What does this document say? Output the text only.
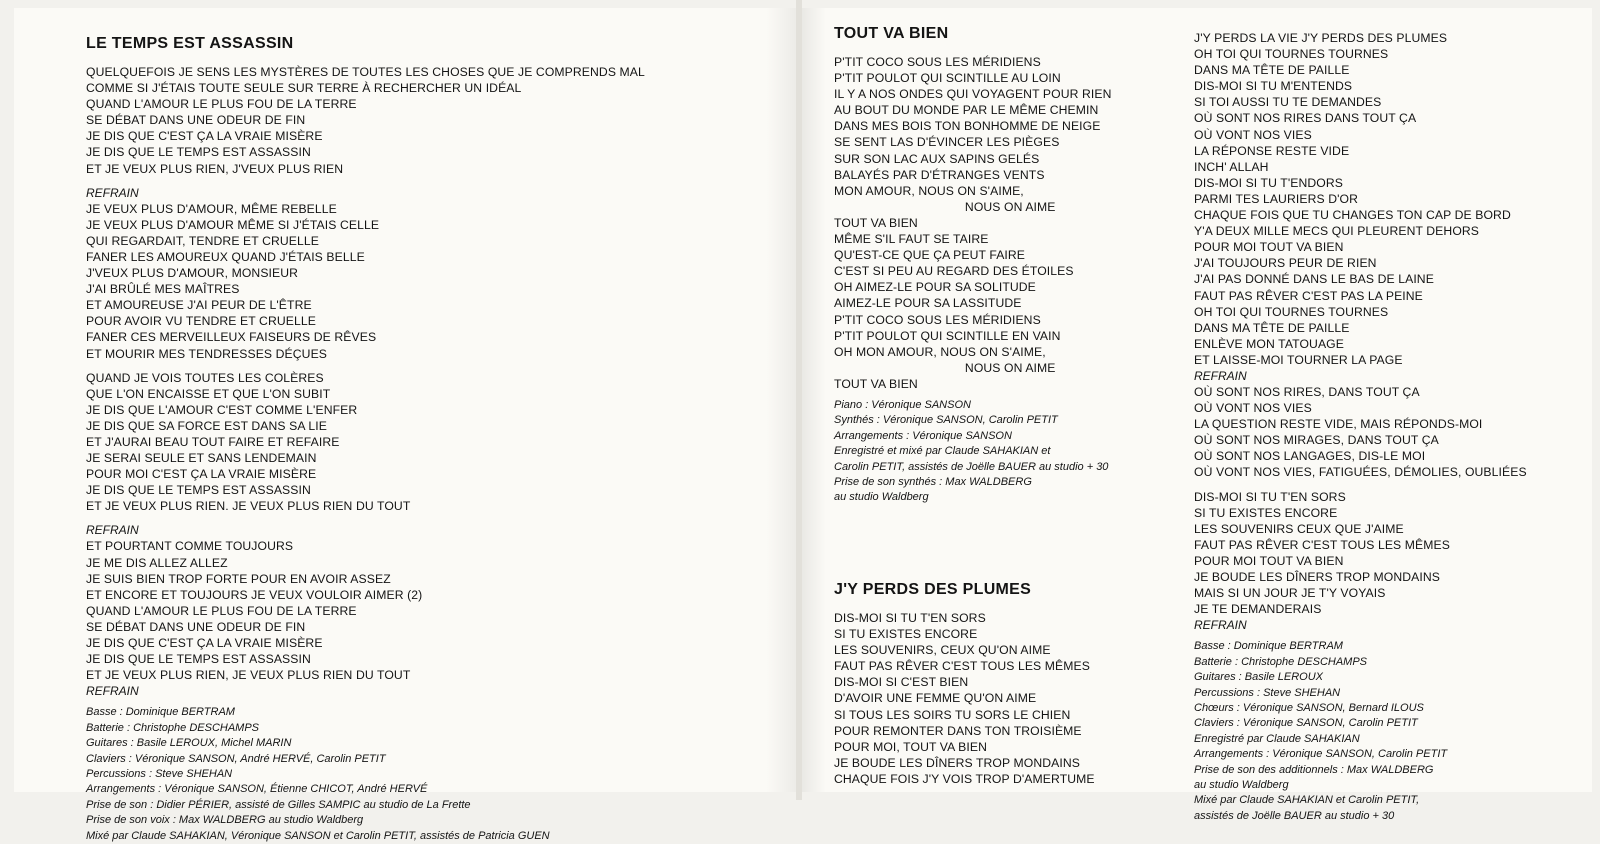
LE TEMPS EST ASSASSIN
QUELQUEFOIS JE SENS LES MYSTÈRES DE TOUTES LES CHOSES QUE JE COMPRENDS MAL
COMME SI J'ÉTAIS TOUTE SEULE SUR TERRE À RECHERCHER UN IDÉAL
QUAND L'AMOUR LE PLUS FOU DE LA TERRE
SE DÉBAT DANS UNE ODEUR DE FIN
JE DIS QUE C'EST ÇA LA VRAIE MISÈRE
JE DIS QUE LE TEMPS EST ASSASSIN
ET JE VEUX PLUS RIEN, J'VEUX PLUS RIEN
REFRAIN
JE VEUX PLUS D'AMOUR, MÊME REBELLE
JE VEUX PLUS D'AMOUR MÊME SI J'ÉTAIS CELLE
QUI REGARDAIT, TENDRE ET CRUELLE
FANER LES AMOUREUX QUAND J'ÉTAIS BELLE
J'VEUX PLUS D'AMOUR, MONSIEUR
J'AI BRÛLÉ MES MAÎTRES
ET AMOUREUSE J'AI PEUR DE L'ÊTRE
POUR AVOIR VU TENDRE ET CRUELLE
FANER CES MERVEILLEUX FAISEURS DE RÊVES
ET MOURIR MES TENDRESSES DÉÇUES
QUAND JE VOIS TOUTES LES COLÈRES
QUE L'ON ENCAISSE ET QUE L'ON SUBIT
JE DIS QUE L'AMOUR C'EST COMME L'ENFER
JE DIS QUE SA FORCE EST DANS SA LIE
ET J'AURAI BEAU TOUT FAIRE ET REFAIRE
JE SERAI SEULE ET SANS LENDEMAIN
POUR MOI C'EST ÇA LA VRAIE MISÈRE
JE DIS QUE LE TEMPS EST ASSASSIN
ET JE VEUX PLUS RIEN. JE VEUX PLUS RIEN DU TOUT
REFRAIN
ET POURTANT COMME TOUJOURS
JE ME DIS ALLEZ ALLEZ
JE SUIS BIEN TROP FORTE POUR EN AVOIR ASSEZ
ET ENCORE ET TOUJOURS JE VEUX VOULOIR AIMER (2)
QUAND L'AMOUR LE PLUS FOU DE LA TERRE
SE DÉBAT DANS UNE ODEUR DE FIN
JE DIS QUE C'EST ÇA LA VRAIE MISÈRE
JE DIS QUE LE TEMPS EST ASSASSIN
ET JE VEUX PLUS RIEN, JE VEUX PLUS RIEN DU TOUT
REFRAIN
Basse : Dominique BERTRAM
Batterie : Christophe DESCHAMPS
Guitares : Basile LEROUX, Michel MARIN
Claviers : Véronique SANSON, André HERVÉ, Carolin PETIT
Percussions : Steve SHEHAN
Arrangements : Véronique SANSON, Étienne CHICOT, André HERVÉ
Prise de son : Didier PÉRIER, assisté de Gilles SAMPIC au studio de La Frette
Prise de son voix : Max WALDBERG au studio Waldberg
Mixé par Claude SAHAKIAN, Véronique SANSON et Carolin PETIT, assistés de Patricia GUEN
TOUT VA BIEN
P'TIT COCO SOUS LES MÉRIDIENS
P'TIT POULOT QUI SCINTILLE AU LOIN
IL Y A NOS ONDES QUI VOYAGENT POUR RIEN
AU BOUT DU MONDE PAR LE MÊME CHEMIN
DANS MES BOIS TON BONHOMME DE NEIGE
SE SENT LAS D'ÉVINCER LES PIÈGES
SUR SON LAC AUX SAPINS GELÉS
BALAYÉS PAR D'ÉTRANGES VENTS
MON AMOUR, NOUS ON S'AIME,
NOUS ON AIME
TOUT VA BIEN
MÊME S'IL FAUT SE TAIRE
QU'EST-CE QUE ÇA PEUT FAIRE
C'EST SI PEU AU REGARD DES ÉTOILES
OH AIMEZ-LE POUR SA SOLITUDE
AIMEZ-LE POUR SA LASSITUDE
P'TIT COCO SOUS LES MÉRIDIENS
P'TIT POULOT QUI SCINTILLE EN VAIN
OH MON AMOUR, NOUS ON S'AIME,
NOUS ON AIME
TOUT VA BIEN
Piano : Véronique SANSON
Synthés : Véronique SANSON, Carolin PETIT
Arrangements : Véronique SANSON
Enregistré et mixé par Claude SAHAKIAN et
Carolin PETIT, assistés de Joëlle BAUER au studio + 30
Prise de son synthés : Max WALDBERG
au studio Waldberg
J'Y PERDS DES PLUMES
DIS-MOI SI TU T'EN SORS
SI TU EXISTES ENCORE
LES SOUVENIRS, CEUX QU'ON AIME
FAUT PAS RÊVER C'EST TOUS LES MÊMES
DIS-MOI SI C'EST BIEN
D'AVOIR UNE FEMME QU'ON AIME
SI TOUS LES SOIRS TU SORS LE CHIEN
POUR REMONTER DANS TON TROISIÈME
POUR MOI, TOUT VA BIEN
JE BOUDE LES DÎNERS TROP MONDAINS
CHAQUE FOIS J'Y VOIS TROP D'AMERTUME
J'Y PERDS LA VIE J'Y PERDS DES PLUMES
OH TOI QUI TOURNES TOURNES
DANS MA TÊTE DE PAILLE
DIS-MOI SI TU M'ENTENDS
SI TOI AUSSI TU TE DEMANDES
OÙ SONT NOS RIRES DANS TOUT ÇA
OÙ VONT NOS VIES
LA RÉPONSE RESTE VIDE
INCH' ALLAH
DIS-MOI SI TU T'ENDORS
PARMI TES LAURIERS D'OR
CHAQUE FOIS QUE TU CHANGES TON CAP DE BORD
Y'A DEUX MILLE MECS QUI PLEURENT DEHORS
POUR MOI TOUT VA BIEN
J'AI TOUJOURS PEUR DE RIEN
J'AI PAS DONNÉ DANS LE BAS DE LAINE
FAUT PAS RÊVER C'EST PAS LA PEINE
OH TOI QUI TOURNES TOURNES
DANS MA TÊTE DE PAILLE
ENLÈVE MON TATOUAGE
ET LAISSE-MOI TOURNER LA PAGE
REFRAIN
OÙ SONT NOS RIRES, DANS TOUT ÇA
OÙ VONT NOS VIES
LA QUESTION RESTE VIDE, MAIS RÉPONDS-MOI
OÙ SONT NOS MIRAGES, DANS TOUT ÇA
OÙ SONT NOS LANGAGES, DIS-LE MOI
OÙ VONT NOS VIES, FATIGUÉES, DÉMOLIES, OUBLIÉES
DIS-MOI SI TU T'EN SORS
SI TU EXISTES ENCORE
LES SOUVENIRS CEUX QUE J'AIME
FAUT PAS RÊVER C'EST TOUS LES MÊMES
POUR MOI TOUT VA BIEN
JE BOUDE LES DÎNERS TROP MONDAINS
MAIS SI UN JOUR JE T'Y VOYAIS
JE TE DEMANDERAIS
REFRAIN
Basse : Dominique BERTRAM
Batterie : Christophe DESCHAMPS
Guitares : Basile LEROUX
Percussions : Steve SHEHAN
Chœurs : Véronique SANSON, Bernard ILOUS
Claviers : Véronique SANSON, Carolin PETIT
Enregistré par Claude SAHAKIAN
Arrangements : Véronique SANSON, Carolin PETIT
Prise de son des additionnels : Max WALDBERG
au studio Waldberg
Mixé par Claude SAHAKIAN et Carolin PETIT,
assistés de Joëlle BAUER au studio + 30
